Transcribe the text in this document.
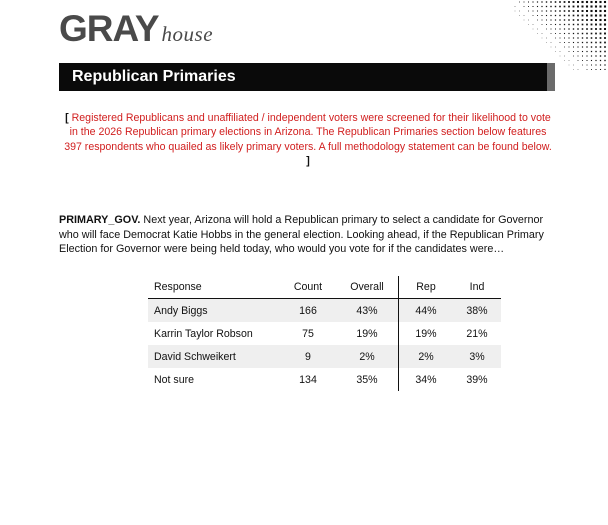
GRAY house
Republican Primaries
[ Registered Republicans and unaffiliated / independent voters were screened for their likelihood to vote in the 2026 Republican primary elections in Arizona. The Republican Primaries section below features 397 respondents who quailed as likely primary voters. A full methodology statement can be found below. ]
PRIMARY_GOV. Next year, Arizona will hold a Republican primary to select a candidate for Governor who will face Democrat Katie Hobbs in the general election. Looking ahead, if the Republican Primary Election for Governor were being held today, who would you vote for if the candidates were…
Response	Count	Overall	Rep	Ind
Andy Biggs	166	43%	44%	38%
Karrin Taylor Robson	75	19%	19%	21%
David Schweikert	9	2%	2%	3%
Not sure	134	35%	34%	39%
